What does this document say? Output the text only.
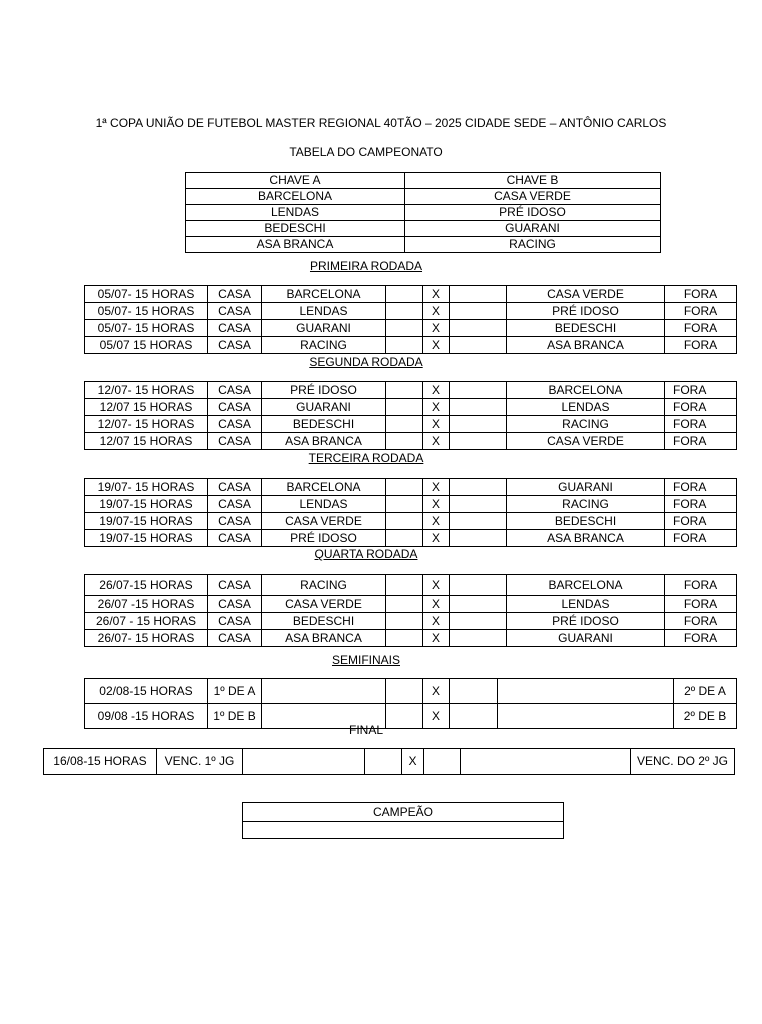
1ª COPA UNIÃO DE FUTEBOL MASTER REGIONAL 40TÃO – 2025 CIDADE SEDE – ANTÔNIO CARLOS
TABELA DO CAMPEONATO
CHAVE A	CHAVE B
BARCELONA	CASA VERDE
LENDAS	PRÉ IDOSO
BEDESCHI	GUARANI
ASA BRANCA	RACING
PRIMEIRA RODADA
SEGUNDA RODADA
TERCEIRA RODADA
QUARTA RODADA
SEMIFINAIS
FINAL
05/07- 15 HORAS	CASA	BARCELONA		X		CASA VERDE	FORA
05/07- 15 HORAS	CASA	LENDAS		X		PRÉ IDOSO	FORA
05/07- 15 HORAS	CASA	GUARANI		X		BEDESCHI	FORA
05/07 15 HORAS	CASA	RACING		X		ASA BRANCA	FORA
12/07- 15 HORAS	CASA	PRÉ IDOSO		X		BARCELONA	FORA
12/07 15 HORAS	CASA	GUARANI		X		LENDAS	FORA
12/07- 15 HORAS	CASA	BEDESCHI		X		RACING	FORA
12/07 15 HORAS	CASA	ASA BRANCA		X		CASA VERDE	FORA
19/07- 15 HORAS	CASA	BARCELONA		X		GUARANI	FORA
19/07-15 HORAS	CASA	LENDAS		X		RACING	FORA
19/07-15 HORAS	CASA	CASA VERDE		X		BEDESCHI	FORA
19/07-15 HORAS	CASA	PRÉ IDOSO		X		ASA BRANCA	FORA
26/07-15 HORAS	CASA	RACING		X		BARCELONA	FORA
26/07 -15 HORAS	CASA	CASA VERDE		X		LENDAS	FORA
26/07 - 15 HORAS	CASA	BEDESCHI		X		PRÉ IDOSO	FORA
26/07- 15 HORAS	CASA	ASA BRANCA		X		GUARANI	FORA
02/08-15 HORAS	1º DE A			X			2º DE A
09/08 -15 HORAS	1º DE B			X			2º DE B
16/08-15 HORAS	VENC. 1º JG			X			VENC. DO 2º JG
CAMPEÃO
